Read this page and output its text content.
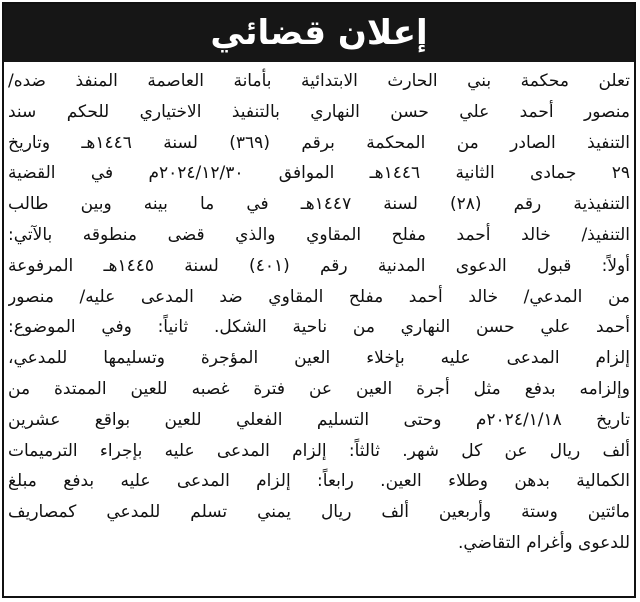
إعلان قضائي
تعلن محكمة بني الحارث الابتدائية بأمانة العاصمة المنفذ ضده/
منصور أحمد علي حسن النهاري بالتنفيذ الاختياري للحكم سند
التنفيذ الصادر من المحكمة برقم (٣٦٩) لسنة ١٤٤٦هـ وتاريخ
٢٩ جمادى الثانية ١٤٤٦هـ الموافق ٢٠٢٤/١٢/٣٠م في القضية
التنفيذية رقم (٢٨) لسنة ١٤٤٧هـ في ما بينه وبين طالب
التنفيذ/ خالد أحمد مفلح المقاوي والذي قضى منطوقه بالآتي:
أولاً: قبول الدعوى المدنية رقم (٤٠١) لسنة ١٤٤٥هـ المرفوعة
من المدعي/ خالد أحمد مفلح المقاوي ضد المدعى عليه/ منصور
أحمد علي حسن النهاري من ناحية الشكل. ثانياً: وفي الموضوع:
إلزام المدعى عليه بإخلاء العين المؤجرة وتسليمها للمدعي،
وإلزامه بدفع مثل أجرة العين عن فترة غصبه للعين الممتدة من
تاريخ ٢٠٢٤/١/١٨م وحتى التسليم الفعلي للعين بواقع عشرين
ألف ريال عن كل شهر. ثالثاً: إلزام المدعى عليه بإجراء الترميمات
الكمالية بدهن وطلاء العين. رابعاً: إلزام المدعى عليه بدفع مبلغ
مائتين وستة وأربعين ألف ريال يمني تسلم للمدعي كمصاريف
للدعوى وأغرام التقاضي.
